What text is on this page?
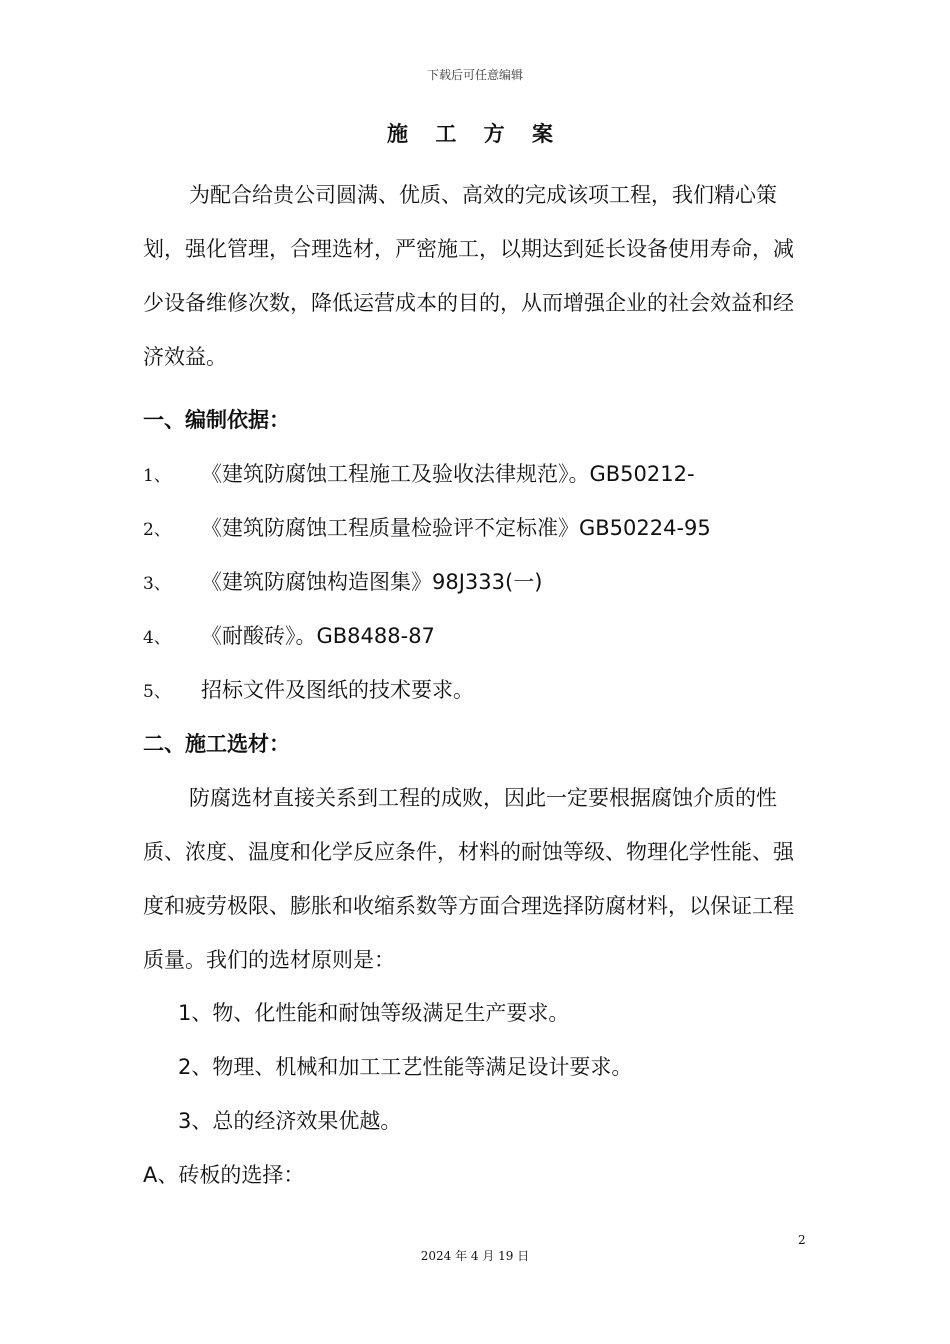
下载后可任意编辑
施 工 方 案
为配合给贵公司圆满、优质、高效的完成该项工程，我们精心策划，强化管理，合理选材，严密施工，以期达到延长设备使用寿命，减少设备维修次数，降低运营成本的目的，从而增强企业的社会效益和经济效益。
一、编制依据：
1、 《建筑防腐蚀工程施工及验收法律规范》。GB50212-
2、 《建筑防腐蚀工程质量检验评不定标准》GB50224-95
3、 《建筑防腐蚀构造图集》98J333(一)
4、 《耐酸砖》。GB8488-87
5、 招标文件及图纸的技术要求。
二、施工选材：
防腐选材直接关系到工程的成败，因此一定要根据腐蚀介质的性质、浓度、温度和化学反应条件，材料的耐蚀等级、物理化学性能、强度和疲劳极限、膨胀和收缩系数等方面合理选择防腐材料，以保证工程质量。我们的选材原则是：
1、物、化性能和耐蚀等级满足生产要求。
2、物理、机械和加工工艺性能等满足设计要求。
3、总的经济效果优越。
A、砖板的选择：
2
2024 年 4 月 19 日
